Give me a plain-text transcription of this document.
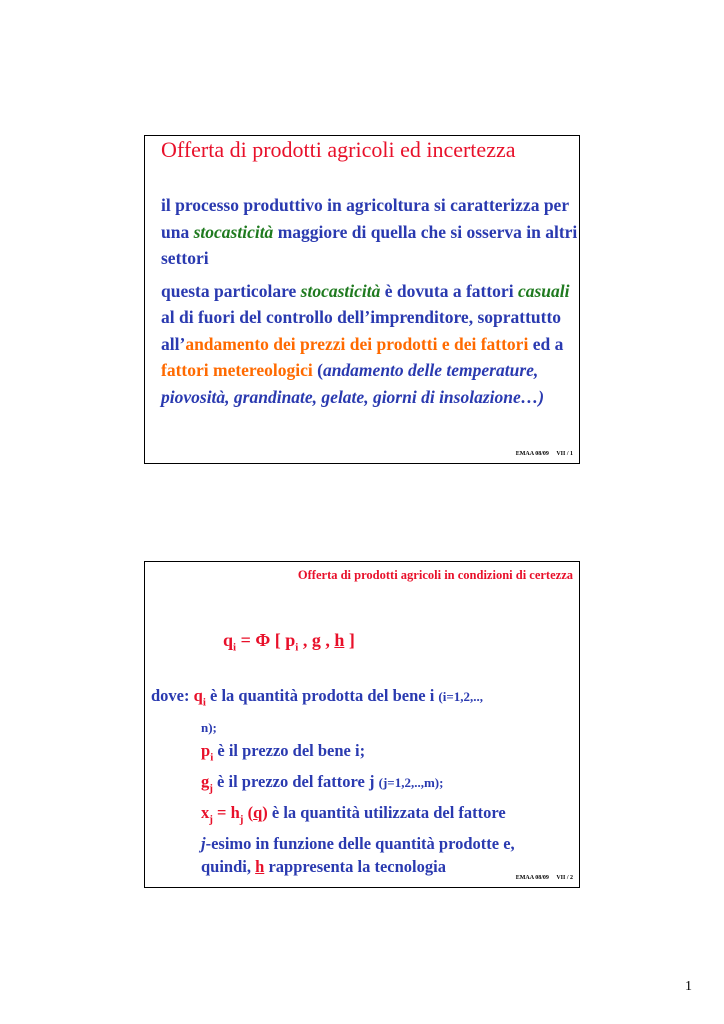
Offerta di prodotti agricoli ed incertezza

il processo produttivo in agricoltura si caratterizza per una stocasticità maggiore di quella che si osserva in altri settori

questa particolare stocasticità è dovuta a fattori casuali al di fuori del controllo dell’imprenditore, soprattutto all’andamento dei prezzi dei prodotti e dei fattori ed a fattori metereologici (andamento delle temperature, piovosità, grandinate, gelate, giorni di insolazione…)

EMAA 08/09     VII / 1
Offerta di prodotti agricoli in condizioni di certezza
$q_i = \Phi$ [ $p_i$ , g , h ]
dove: $q_i$ è la quantità prodotta del bene i (i=1,2,..,
n);
$p_i$ è il prezzo del bene i;
$g_j$ è il prezzo del fattore j (j=1,2,..,m);
$x_j = h_j$ (q) è la quantità utilizzata del fattore
j-esimo in funzione delle quantità prodotte e,
quindi, h rappresenta la tecnologia
EMAA 08/09     VII / 2
1
